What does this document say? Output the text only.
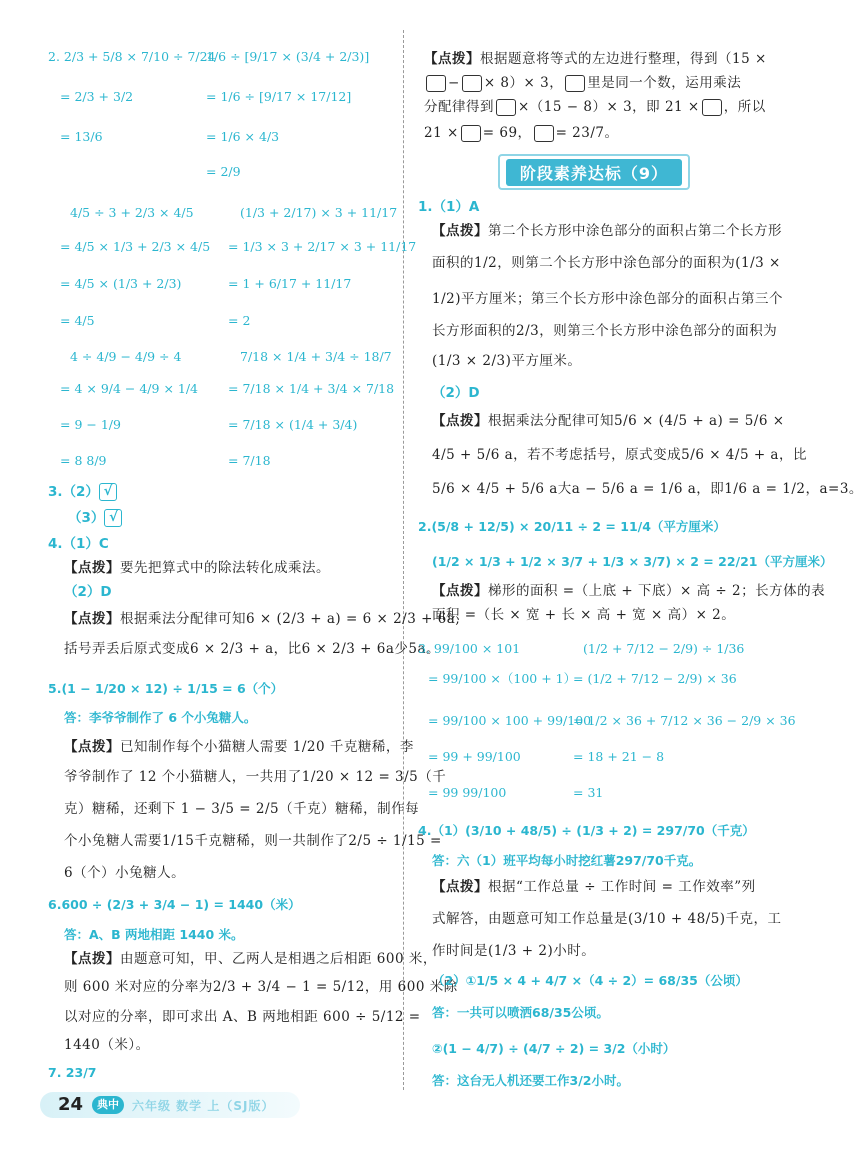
2. 2/3 + 5/8 × 7/10 ÷ 7/24
= 2/3 + 3/2
= 13/6
1/6 ÷ [9/17 × (3/4 + 2/3)]
= 1/6 ÷ [9/17 × 17/12]
= 1/6 × 4/3
= 2/9
4/5 ÷ 3 + 2/3 × 4/5
= 4/5 × 1/3 + 2/3 × 4/5
= 4/5 × (1/3 + 2/3)
= 4/5
(1/3 + 2/17) × 3 + 11/17
= 1/3 × 3 + 2/17 × 3 + 11/17
= 1 + 6/17 + 11/17
= 2
4 ÷ 4/9 − 4/9 ÷ 4
= 4 × 9/4 − 4/9 × 1/4
= 9 − 1/9
= 8 8/9
7/18 × 1/4 + 3/4 ÷ 18/7
= 7/18 × 1/4 + 3/4 × 7/18
= 7/18 × (1/4 + 3/4)
= 7/18
3.（2） √
（3） √
4.（1）C
【点拨】要先把算式中的除法转化成乘法。
（2）D
【点拨】根据乘法分配律可知6 × (2/3 + a) = 6 × 2/3 + 6a,
括号弄丢后原式变成6 × 2/3 + a，比6 × 2/3 + 6a少5a。
5.(1 − 1/20 × 12) ÷ 1/15 = 6（个）
答：李爷爷制作了 6 个小兔糖人。
【点拨】已知制作每个小猫糖人需要 1/20 千克糖稀，李
爷爷制作了 12 个小猫糖人，一共用了1/20 × 12 = 3/5（千
克）糖稀，还剩下 1 − 3/5 = 2/5（千克）糖稀，制作每
个小兔糖人需要1/15千克糖稀，则一共制作了2/5 ÷ 1/15 =
6（个）小兔糖人。
6.600 ÷ (2/3 + 3/4 − 1) = 1440（米）
答：A、B 两地相距 1440 米。
【点拨】由题意可知，甲、乙两人是相遇之后相距 600 米，
则 600 米对应的分率为2/3 + 3/4 − 1 = 5/12，用 600 米除
以对应的分率，即可求出 A、B 两地相距 600 ÷ 5/12 =
1440（米）。
7. 23/7
【点拨】根据题意将等式的左边进行整理，得到（15 ×
− × 8）× 3， 里是同一个数，运用乘法
分配律得到 ×（15 − 8）× 3，即 21 × ，所以
21 × = 69， = 23/7。
阶段素养达标（9）
1.（1）A
【点拨】第二个长方形中涂色部分的面积占第二个长方形
面积的1/2，则第二个长方形中涂色部分的面积为(1/3 ×
1/2)平方厘米；第三个长方形中涂色部分的面积占第三个
长方形面积的2/3，则第三个长方形中涂色部分的面积为
(1/3 × 2/3)平方厘米。
（2）D
【点拨】根据乘法分配律可知5/6 × (4/5 + a) = 5/6 ×
4/5 + 5/6 a，若不考虑括号，原式变成5/6 × 4/5 + a，比
5/6 × 4/5 + 5/6 a大a − 5/6 a = 1/6 a，即1/6 a = 1/2，a=3。
2.(5/8 + 12/5) × 20/11 ÷ 2 = 11/4（平方厘米）
(1/2 × 1/3 + 1/2 × 3/7 + 1/3 × 3/7) × 2 = 22/21（平方厘米）
【点拨】梯形的面积 =（上底 + 下底）× 高 ÷ 2；长方体的表
面积 =（长 × 宽 + 长 × 高 + 宽 × 高）× 2。
3. 99/100 × 101
= 99/100 ×（100 + 1）
= 99/100 × 100 + 99/100
= 99 + 99/100
= 99 99/100
(1/2 + 7/12 − 2/9) ÷ 1/36
= (1/2 + 7/12 − 2/9) × 36
= 1/2 × 36 + 7/12 × 36 − 2/9 × 36
= 18 + 21 − 8
= 31
4.（1）(3/10 + 48/5) ÷ (1/3 + 2) = 297/70（千克）
答：六（1）班平均每小时挖红薯297/70千克。
【点拨】根据“工作总量 ÷ 工作时间 = 工作效率”列
式解答，由题意可知工作总量是(3/10 + 48/5)千克，工
作时间是(1/3 + 2)小时。
（2）①1/5 × 4 + 4/7 ×（4 ÷ 2）= 68/35（公顷）
答：一共可以喷洒68/35公顷。
②(1 − 4/7) ÷ (4/7 ÷ 2) = 3/2（小时）
答：这台无人机还要工作3/2小时。
24	典中	六年级 数学 上（SJ版）
